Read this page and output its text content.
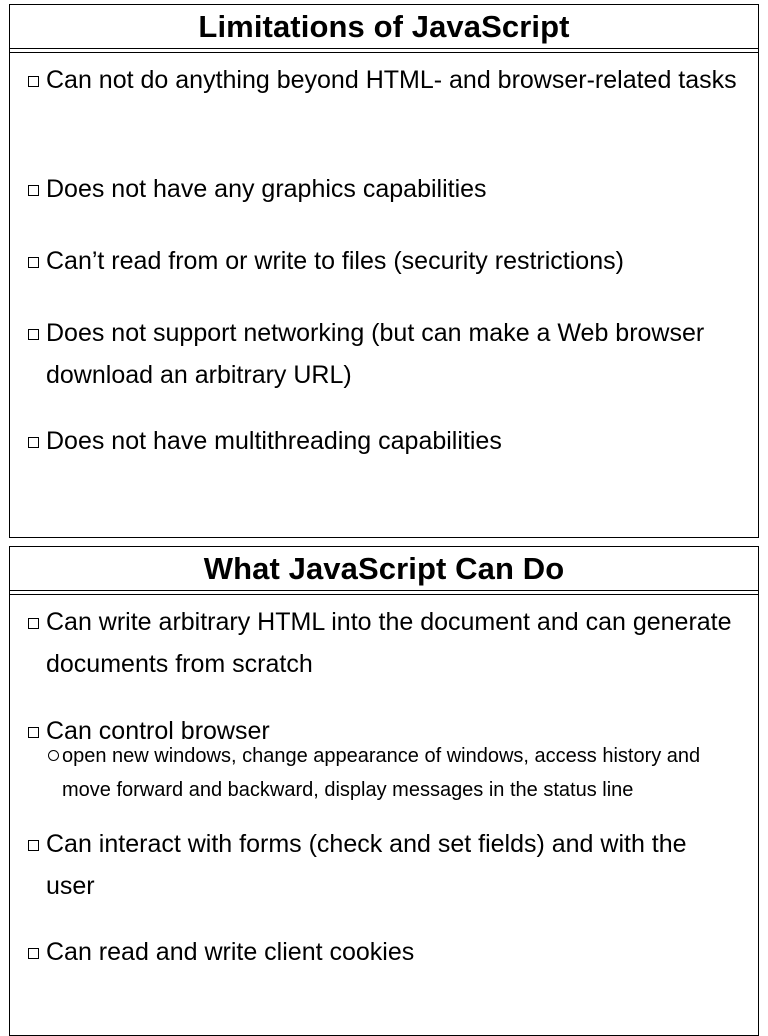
Limitations of JavaScript
Can not do anything beyond HTML- and browser-related tasks
Does not have any graphics capabilities
Can’t read from or write to files (security restrictions)
Does not support networking (but can make a Web browser download an arbitrary URL)
Does not have multithreading capabilities
What JavaScript Can Do
Can write arbitrary HTML into the document and can generate documents from scratch
Can control browser
open new windows, change appearance of windows, access history and move forward and backward, display messages in the status line
Can interact with forms (check and set fields) and with the user
Can read and write client cookies
